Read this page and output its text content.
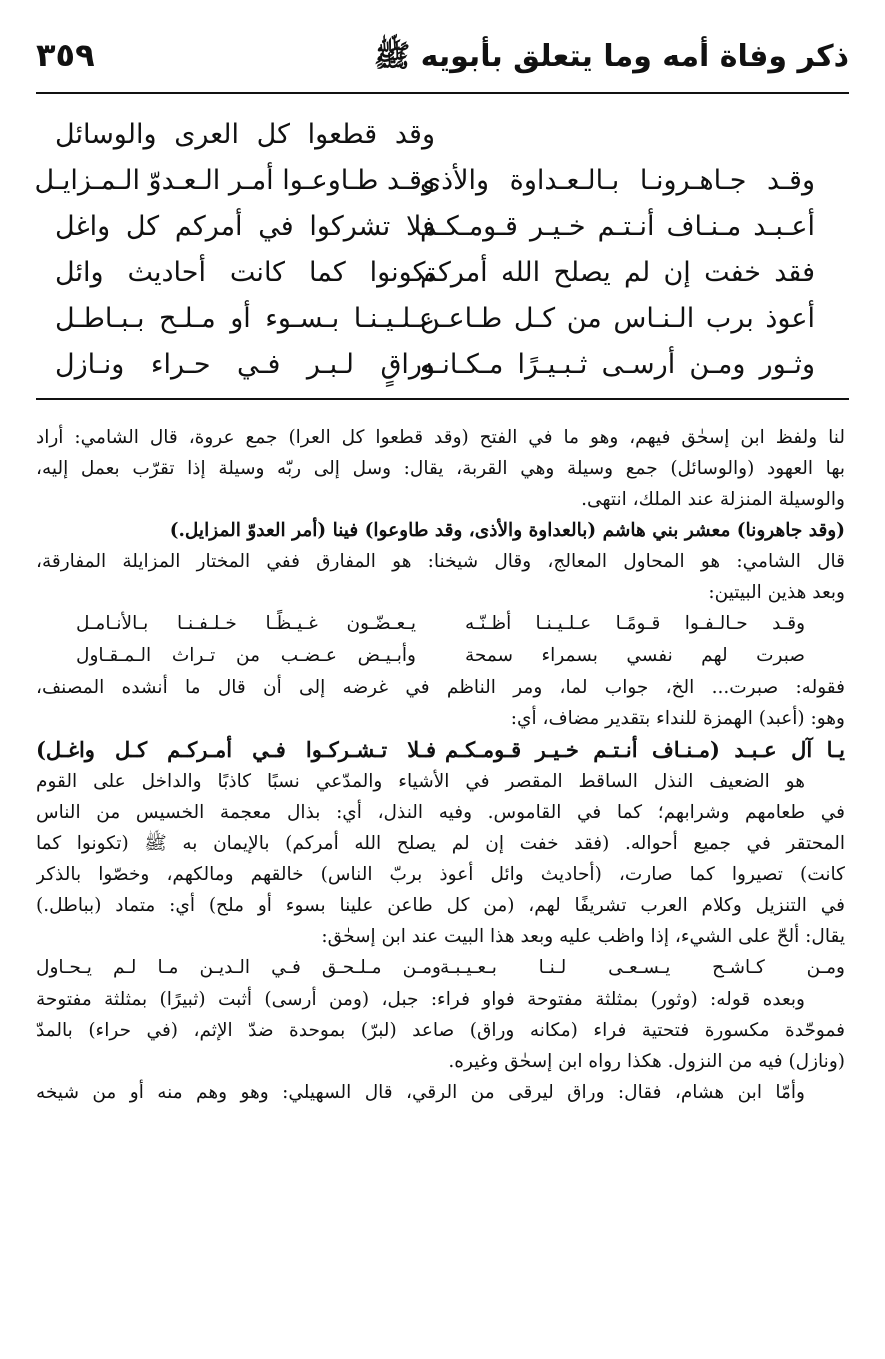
ذكر وفاة أمه وما يتعلق بأبويه ﷺ
٣٥٩
وقد قطعوا كل العرى والوسائل
وقـد جـاهـرونـا بـالـعـداوة والأذى
وقـد طـاوعـوا أمـر الـعـدوّ الـمـزايـل
أعـبـد مـنـاف أنـتـم خـيـر قـومـكـم
فلا تشركوا في أمركم كل واغل
فقد خفت إن لم يصلح الله أمركم
تكونوا كما كانت أحاديث وائل
أعوذ برب الـنـاس من كـل طـاعـن
عـلـيـنـا بـسـوء أو مـلـح بـبـاطـل
وثـور ومـن أرسـى ثـبـيـرًا مـكـانـه
وراقٍ لـبـر فـي حـراء ونـازل
لنا ولفظ ابن إسحٰق فيهم، وهو ما في الفتح (وقد قطعوا كل العرا) جمع عروة، قال الشامي: أراد
بها العهود (والوسائل) جمع وسيلة وهي القربة، يقال: وسل إلى ربّه وسيلة إذا تقرّب بعمل إليه،
والوسيلة المنزلة عند الملك، انتهى.
(وقد جاهرونا) معشر بني هاشم (بالعداوة والأذى، وقد طاوعوا) فينا (أمر العدوّ المزايل.)
قال الشامي: هو المحاول المعالج، وقال شيخنا: هو المفارق ففي المختار المزايلة المفارقة،
وبعد هذين البيتين:
وقـد حـالـفـوا قـومًـا عـلـيـنـا أظـنّـه
يـعـضّـون غـيـظًـا خـلـفـنـا بـالأنـامـل
صبرت لهم نفسي بسمراء سمحة
وأبـيـض عـضـب من تـراث الـمـقـاول
فقوله: صبرت... الخ، جواب لما، ومر الناظم في غرضه إلى أن قال ما أنشده المصنف،
وهو: (أعبد) الهمزة للنداء بتقدير مضاف، أي:
يـا آل عـبـد (مـنـاف أنـتـم خـيـر قـومـكـم
فـلا تـشـركـوا فـي أمـركـم كـل واغـل)
هو الضعيف النذل الساقط المقصر في الأشياء والمدّعي نسبًا كاذبًا والداخل على القوم
في طعامهم وشرابهم؛ كما في القاموس. وفيه النذل، أي: بذال معجمة الخسيس من الناس
المحتقر في جميع أحواله. (فقد خفت إن لم يصلح الله أمركم) بالإيمان به ﷺ (تكونوا كما
كانت) تصيروا كما صارت، (أحاديث وائل أعوذ بربّ الناس) خالقهم ومالكهم، وخصّوا بالذكر
في التنزيل وكلام العرب تشريفًا لهم، (من كل طاعن علينا بسوء أو ملح) أي: متماد (بباطل.)
يقال: ألحّ على الشيء، إذا واظب عليه وبعد هذا البيت عند ابن إسحٰق:
ومـن كـاشـح يـسـعـى لـنـا بـعـيـبـة
ومـن مـلـحـق فـي الـديـن مـا لـم يـحـاول
وبعده قوله: (وثور) بمثلثة مفتوحة فواو فراء: جبل، (ومن أرسى) أثبت (ثبيرًا) بمثلثة مفتوحة
فموحّدة مكسورة فتحتية فراء (مكانه وراق) صاعد (لبرّ) بموحدة ضدّ الإثم، (في حراء) بالمدّ
(ونازل) فيه من النزول. هكذا رواه ابن إسحٰق وغيره.
وأمّا ابن هشام، فقال: وراق ليرقى من الرقي، قال السهيلي: وهو وهم منه أو من شيخه
